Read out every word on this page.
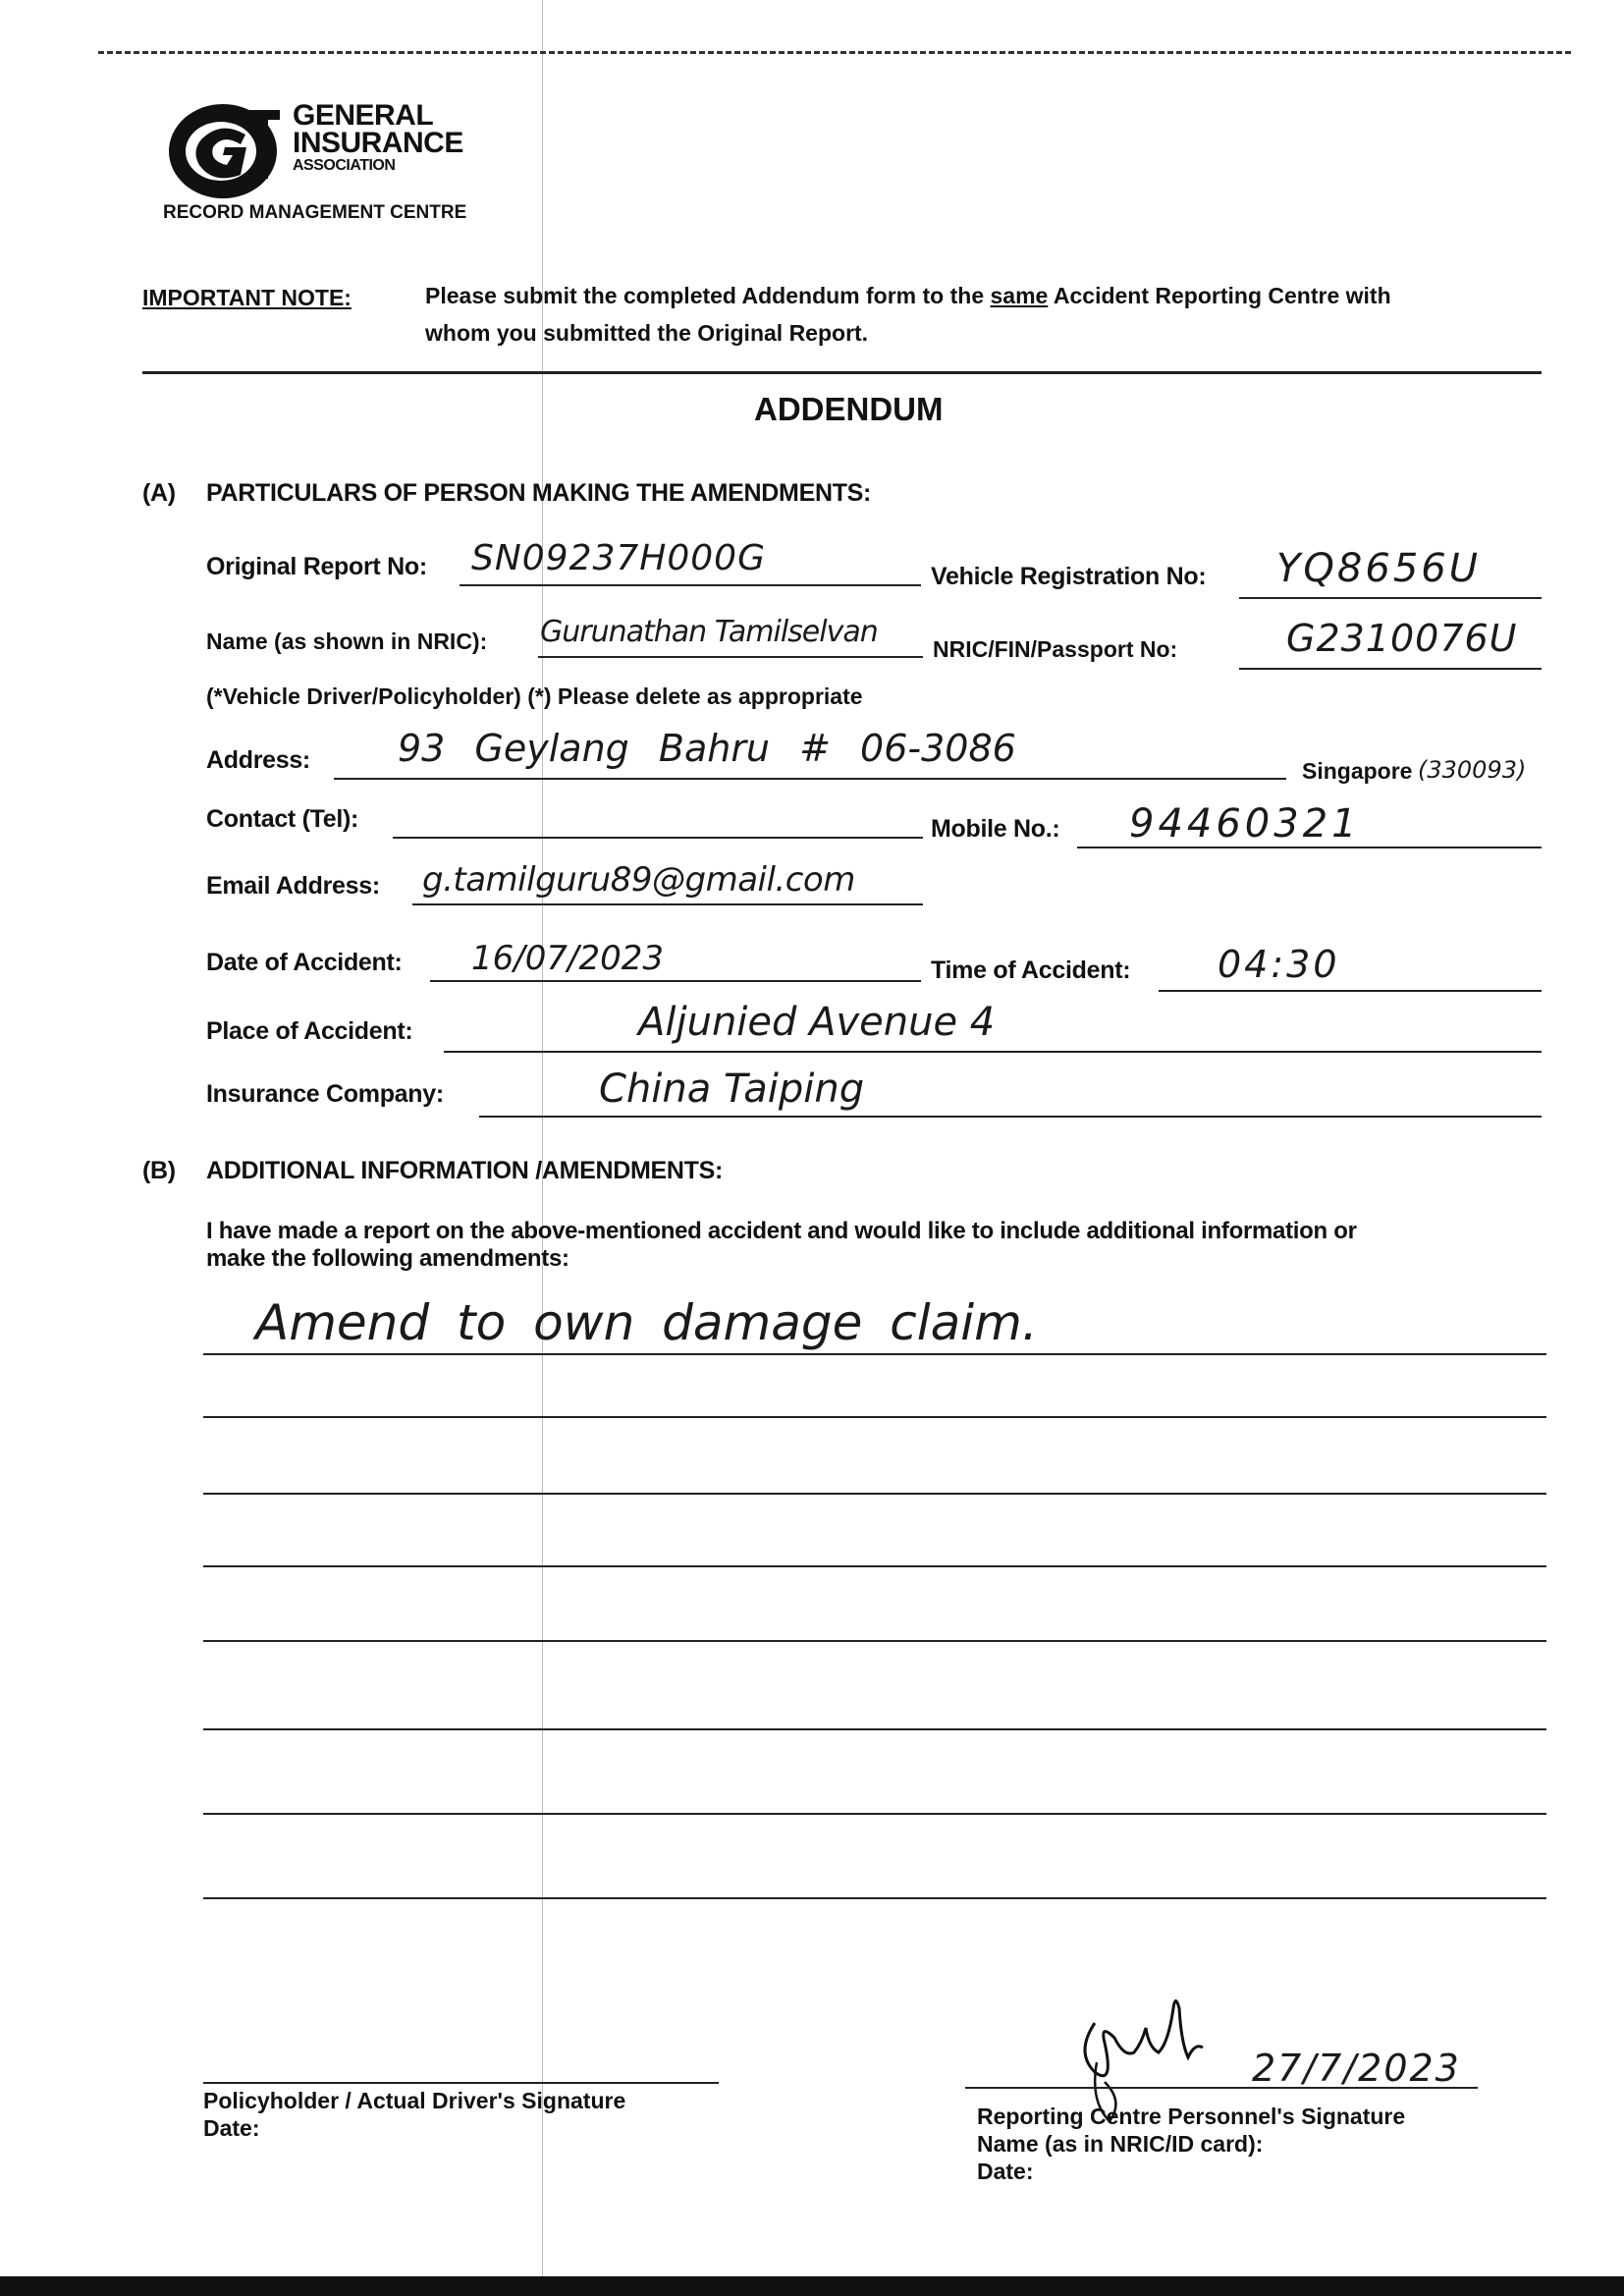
GENERAL
INSURANCE
ASSOCIATION
RECORD MANAGEMENT CENTRE
IMPORTANT NOTE:	Please submit the completed Addendum form to the same Accident Reporting Centre with
whom you submitted the Original Report.
ADDENDUM
(A) PARTICULARS OF PERSON MAKING THE AMENDMENTS:
Original Report No: SN09237H000G	Vehicle Registration No: YQ8656U
Name (as shown in NRIC): Gurunathan Tamilselvan NRIC/FIN/Passport No:	G2310076U
(*Vehicle Driver/Policyholder) (*) Please delete as appropriate
Address: 93 Geylang Bahru # 06-3086
Singapore (330093)
Contact (Tel):	Mobile No.: 94460321
Email Address: g.tamilguru89@gmail.com
Date of Accident: 16/07/2023	Time of Accident: 04:30
Place of Accident:	Aljunied Avenue 4
Insurance Company:	China Taiping
(B) ADDITIONAL INFORMATION /AMENDMENTS:
I have made a report on the above-mentioned accident and would like to include additional information or
make the following amendments:
Amend to own damage claim.
Policyholder / Actual Driver's Signature
Date:
27/7/2023
Reporting Centre Personnel's Signature
Name (as in NRIC/ID card):
Date:
